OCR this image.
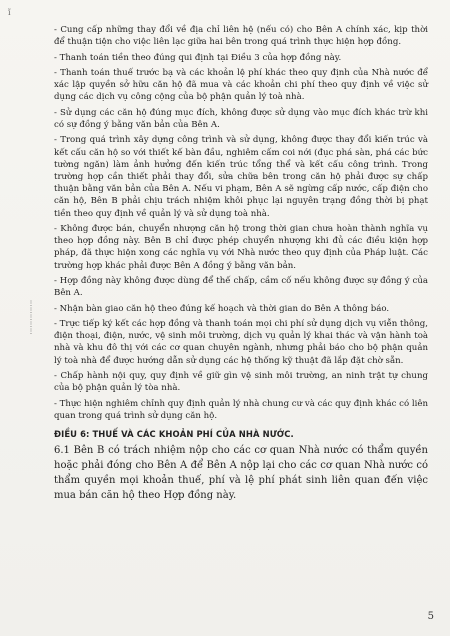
ĩ
⋮ ⋮ ⋮ ⋮ ⋮

- Cung cấp những thay đổi về địa chỉ liên hệ (nếu có) cho Bên A chính xác, kịp thời để thuận tiện cho việc liên lạc giữa hai bên trong quá trình thực hiện hợp đồng.

- Thanh toán tiền theo đúng qui định tại Điều 3 của hợp đồng này.

- Thanh toán thuế trước bạ và các khoản lệ phí khác theo quy định của Nhà nước để xác lập quyền sở hữu căn hộ đã mua và các khoản chi phí theo quy định về việc sử dụng các dịch vụ công cộng của bộ phận quản lý toà nhà.

- Sử dụng các căn hộ đúng mục đích, không được sử dụng vào mục đích khác trừ khi có sự đồng ý bằng văn bản của Bên A.

- Trong quá trình xây dựng công trình và sử dụng, không được thay đổi kiến trúc và kết cấu căn hộ so với thiết kế bàn đầu, nghiêm cấm coi nới (đục phá sàn, phá các bức tường ngăn) làm ảnh hưởng đến kiến trúc tổng thể và kết cấu công trình. Trong trường hợp cần thiết phải thay đổi, sửa chữa bên trong căn hộ phải được sự chấp thuận bằng văn bản của Bên A. Nếu vi phạm, Bên A sẽ ngừng cấp nước, cấp điện cho căn hộ, Bên B phải chịu trách nhiệm khôi phục lại nguyên trạng đồng thời bị phạt tiền theo quy định về quản lý và sử dụng toà nhà.

- Không được bán, chuyển nhượng căn hộ trong thời gian chưa hoàn thành nghĩa vụ theo hợp đồng này. Bên B chỉ được phép chuyển nhượng khi đủ các điều kiện hợp pháp, đã thực hiện xong các nghĩa vụ với Nhà nước theo quy định của Pháp luật. Các trường hợp khác phải được Bên A đồng ý bằng văn bản.

- Hợp đồng này không được dùng để thế chấp, cầm cố nếu không được sự đồng ý của Bên A.

- Nhận bàn giao căn hộ theo đúng kế hoạch và thời gian do Bên A thông báo.

- Trực tiếp ký kết các hợp đồng và thanh toán mọi chi phí sử dụng dịch vụ viễn thông, điện thoại, điện, nước, vệ sinh môi trường, dịch vụ quản lý khai thác và vận hành toà nhà và khu đô thị với các cơ quan chuyên ngành, nhưng phải báo cho bộ phận quản lý toà nhà để được hướng dẫn sử dụng các hệ thống kỹ thuật đã lắp đặt chờ sẵn.

- Chấp hành nội quy, quy định về giữ gìn vệ sinh môi trường, an ninh trật tự chung của bộ phận quản lý tòa nhà.

- Thực hiện nghiêm chỉnh quy định quản lý nhà chung cư và các quy định khác có liên quan trong quá trình sử dụng căn hộ.

ĐIỀU 6: THUẾ VÀ CÁC KHOẢN PHÍ CỦA NHÀ NƯỚC.

6.1 Bên B có trách nhiệm nộp cho các cơ quan Nhà nước có thẩm quyền hoặc phải đóng cho Bên A để Bên A nộp lại cho các cơ quan Nhà nước có thẩm quyền mọi khoản thuế, phí và lệ phí phát sinh liên quan đến việc mua bán căn hộ theo Hợp đồng này.

5
